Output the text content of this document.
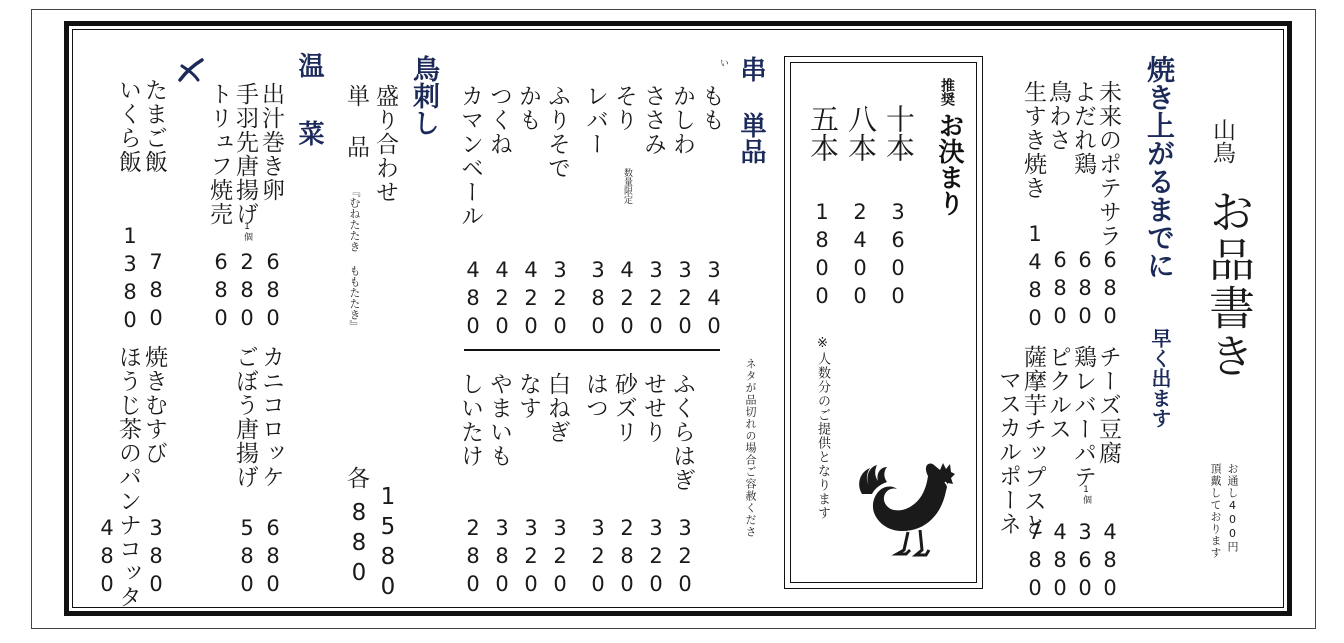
山鳥
お品書き
お通し400円
頂戴しております
焼き上がるまでに
早く出ます
未来のポテサラ
680
よだれ鶏
680
鳥わさ
680
生すき焼き
1480
チーズ豆腐
480
鶏レバーパテ
1個
360
ピクルス
480
薩摩芋チップスと
マスカルポーネ
780
推奨
お決まり
十本
3600
八本
2400
五本
1800
※人数分のご提供となります
串 単品
ネタが品切れの場合ご容赦くださ
い
もも
340
かしわ
320
ささみ
320
そり
数量限定
420
レバー
380
ふりそで
320
かも
420
つくね
420
カマンベール
480
ふくらはぎ
320
せせり
320
砂ズリ
280
はつ
320
白ねぎ
320
なす
320
やまいも
380
しいたけ
280
鳥刺し
盛り合わせ
1580
単 品
『むねたたき ももたたき』
各
880
温 菜
出汁巻き卵
680
手羽先唐揚げ
1個
280
トリュフ焼売
680
カニコロッケ
680
ごぼう唐揚げ
580
たまご飯
780
いくら飯
1380
焼きむすび
380
ほうじ茶のパンナコッタ
480
